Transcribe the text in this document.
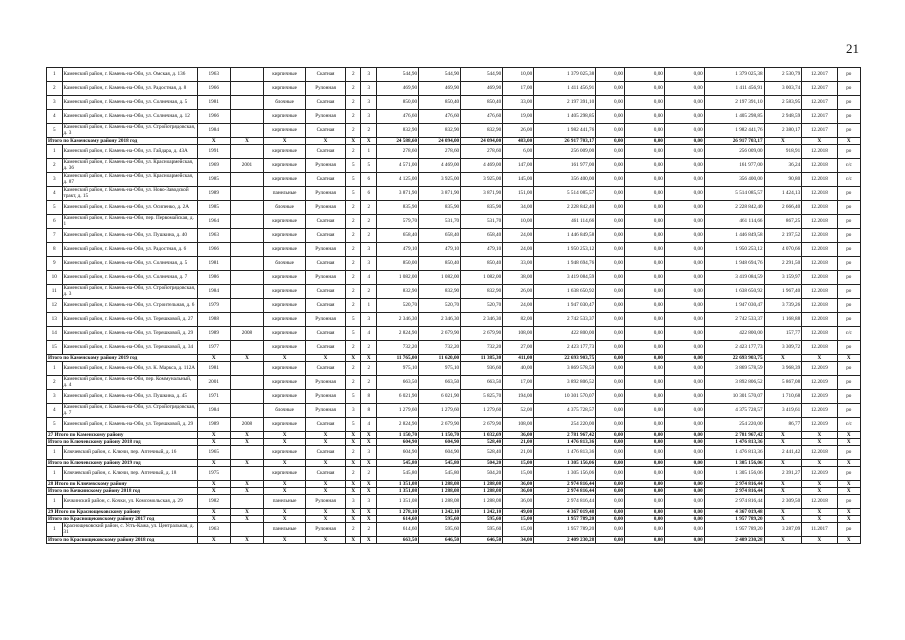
21
1	Каменский район, г. Камень-на-Оби, ул. Омская, д. 136	1963		кирпичные	Скатная	2	3	544,90	544,90	544,90	10,00	1 379 025,38	0,00	0,00	0,00	1 379 025,38	2 530,79	12.2017	ро
2	Каменский район, г. Камень-на-Оби, ул. Радостная, д. 8	1966		кирпичные	Рулонная	2	3	469,90	469,90	469,90	17,00	1 411 456,91	0,00	0,00	0,00	1 411 456,91	3 003,74	12.2017	ро
3	Каменский район, г. Камень-на-Оби, ул. Солнечная, д. 5	1981		блочные	Скатная	2	3	850,00	850,40	850,40	33,00	2 197 391,10	0,00	0,00	0,00	2 197 391,10	2 583,95	12.2017	ро
4	Каменский район, г. Камень-на-Оби, ул. Солнечная, д. 12	1966		кирпичные	Рулонная	2	3	476,60	476,60	476,60	19,00	1 405 298,85	0,00	0,00	0,00	1 405 298,85	2 948,59	12.2017	ро
5	Каменский район, г. Камень-на-Оби, ул. Стройотрядовская, д. 3	1984		кирпичные	Скатная	2	2	832,90	832,90	832,90	26,00	1 982 441,76	0,00	0,00	0,00	1 982 441,76	2 380,17	12.2017	ро
Итого по Каменскому району 2018 год		X	X	X	X	X	X	24 588,60	24 094,00	24 094,00	483,00	26 917 703,17	0,00	0,00	0,00	26 917 703,17	X	X	X
1	Каменский район, г. Камень-на-Оби, ул. Гайдара, д. 43А	1991		кирпичные	Скатная	2	1	278,60	278,60	278,60	6,00	256 009,00	0,00	0,00	0,00	256 009,00	918,91	12.2018	ро
2	Каменский район, г. Камень-на-Оби, ул. Красноармейская, д. 36	1969	2001	кирпичные	Рулонная	5	5	4 571,00	4 469,00	4 469,00	147,00	161 977,00	0,00	0,00	0,00	161 977,00	36,24	12.2018	с/с
3	Каменский район, г. Камень-на-Оби, ул. Красноармейская, д. 87	1985		кирпичные	Скатная	5	6	4 125,00	3 925,00	3 925,00	145,00	356 400,00	0,00	0,00	0,00	356 400,00	90,80	12.2018	с/с
4	Каменский район, г. Камень-на-Оби, ул. Ново-Заводской тракт, д. 15	1989		панельные	Рулонная	5	6	3 871,90	3 871,90	3 871,90	151,00	5 514 085,57	0,00	0,00	0,00	5 514 085,57	1 424,13	12.2018	ро
5	Каменский район, г. Камень-на-Оби, ул. Осипенко, д. 2А	1985		блочные	Рулонная	2	2	835,90	835,90	835,90	34,00	2 228 842,40	0,00	0,00	0,00	2 228 842,40	2 666,40	12.2018	ро
6	Каменский район, г. Камень-на-Оби, пер. Первомайская, д. 1	1964		кирпичные	Скатная	2	2	579,70	531,70	531,70	10,00	461 114,66	0,00	0,00	0,00	461 114,66	867,25	12.2018	ро
7	Каменский район, г. Камень-на-Оби, ул. Пушкина, д. 40	1963		кирпичные	Скатная	2	2	658,40	658,40	658,40	24,00	1 446 849,58	0,00	0,00	0,00	1 446 849,58	2 197,52	12.2018	ро
8	Каменский район, г. Камень-на-Оби, ул. Радостная, д. 6	1966		кирпичные	Рулонная	2	3	479,10	479,10	479,10	24,00	1 950 253,12	0,00	0,00	0,00	1 950 253,12	4 070,66	12.2018	ро
9	Каменский район, г. Камень-на-Оби, ул. Солнечная, д. 5	1981		блочные	Скатная	2	3	850,00	850,40	850,40	33,00	1 948 694,76	0,00	0,00	0,00	1 948 694,76	2 291,50	12.2018	ро
10	Каменский район, г. Камень-на-Оби, ул. Солнечная, д. 7	1986		кирпичные	Рулонная	2	4	1 082,00	1 082,00	1 082,00	38,00	3 419 084,59	0,00	0,00	0,00	3 419 084,59	3 159,97	12.2018	ро
11	Каменский район, г. Камень-на-Оби, ул. Стройотрядовская, д. 3	1984		кирпичные	Скатная	2	2	832,90	832,90	832,90	26,00	1 638 650,92	0,00	0,00	0,00	1 638 650,92	1 967,40	12.2018	ро
12	Каменский район, г. Камень-на-Оби, ул. Строительная, д. 6	1979		кирпичные	Скатная	2	1	520,70	520,70	520,70	24,00	1 947 030,47	0,00	0,00	0,00	1 947 030,47	3 739,26	12.2018	ро
13	Каменский район, г. Камень-на-Оби, ул. Терешковой, д. 27	1988		кирпичные	Рулонная	5	3	2 346,30	2 346,30	2 346,30	82,00	2 742 533,37	0,00	0,00	0,00	2 742 533,37	1 168,88	12.2018	ро
14	Каменский район, г. Камень-на-Оби, ул. Терешковой, д. 29	1989	2008	кирпичные	Скатная	5	4	2 824,90	2 679,90	2 679,90	108,00	422 800,00	0,00	0,00	0,00	422 800,00	157,77	12.2018	с/с
15	Каменский район, г. Камень-на-Оби, ул. Терешковой, д. 34	1977		кирпичные	Скатная	2	2	732,20	732,20	732,20	27,00	2 423 177,73	0,00	0,00	0,00	2 423 177,73	3 309,72	12.2018	ро
Итого по Каменскому району 2019 год		X	X	X	X	X	X	11 765,00	11 620,00	11 385,30	411,00	22 693 903,75	0,00	0,00	0,00	22 693 903,75	X	X	X
1	Каменский район, г. Камень-на-Оби, ул. К. Маркса, д. 112А	1981		кирпичные	Скатная	2	2	975,10	975,10	936,60	40,00	3 869 578,59	0,00	0,00	0,00	3 869 578,59	3 968,39	12.2019	ро
2	Каменский район, г. Камень-на-Оби, пер. Коммунальный, д. 4	2001		кирпичные	Рулонная	2	2	663,50	663,50	663,50	17,00	3 892 806,52	0,00	0,00	0,00	3 892 806,52	5 867,08	12.2019	ро
3	Каменский район, г. Камень-на-Оби, ул. Пушкина, д. 45	1971		кирпичные	Рулонная	5	8	6 021,90	6 021,90	5 825,70	194,00	10 301 570,07	0,00	0,00	0,00	10 301 570,07	1 710,68	12.2019	ро
4	Каменский район, г. Камень-на-Оби, ул. Стройотрядовская, д. 7	1984		блочные	Рулонная	3	8	1 279,60	1 279,60	1 279,60	52,00	4 375 728,57	0,00	0,00	0,00	4 375 728,57	3 419,61	12.2019	ро
5	Каменский район, г. Камень-на-Оби, ул. Терешковой, д. 29	1989	2008	кирпичные	Скатная	5	4	2 824,90	2 679,90	2 679,90	108,00	254 220,00	0,00	0,00	0,00	254 220,00	86,77	12.2019	с/с
27 Итого по Каменскому району		X	X	X	X	X	X	1 150,70	1 150,70	1 032,69	36,00	2 781 967,42	0,00	0,00	0,00	2 781 967,42	X	X	X
Итого по Ключевскому району 2018 год		X	X	X	X	X	X	604,90	604,90	528,40	21,00	1 476 813,36	0,00	0,00	0,00	1 476 813,36	X	X	X
1	Ключевский район, с. Ключи, пер. Аптечный, д. 16	1965		кирпичные	Скатная	2	3	604,90	604,90	528,40	21,00	1 476 813,36	0,00	0,00	0,00	1 476 813,36	2 441,42	12.2018	ро
Итого по Ключевскому району 2019 год		X	X	X	X	X	X	545,80	545,80	504,20	15,00	1 305 156,06	0,00	0,00	0,00	1 305 156,06	X	X	X
1	Ключевский район, с. Ключи, пер. Аптечный, д. 18	1975		кирпичные	Скатная	2	2	545,80	545,80	504,20	15,00	1 305 156,06	0,00	0,00	0,00	1 305 156,06	2 391,27	12.2019	ро
28 Итого по Ключевскому району		X	X	X	X	X	X	1 351,08	1 288,08	1 288,08	36,00	2 974 816,44	0,00	0,00	0,00	2 974 816,44	X	X	X
Итого по Кочкинскому району 2018 год		X	X	X	X	X	X	1 351,08	1 288,08	1 288,08	36,00	2 974 816,44	0,00	0,00	0,00	2 974 816,44	X	X	X
1	Кочкинский район, с. Кочки, ул. Комсомольская, д. 29	1982		панельные	Рулонная	3	3	1 351,08	1 288,08	1 288,08	36,00	2 974 816,44	0,00	0,00	0,00	2 974 816,44	2 309,50	12.2018	ро
29 Итого по Краснощековскому району		X	X	X	X	X	X	1 278,10	1 242,10	1 242,10	49,00	4 367 019,48	0,00	0,00	0,00	4 367 019,48	X	X	X
Итого по Краснощековскому району 2017 год		X	X	X	X	X	X	614,60	595,60	595,60	15,00	1 957 789,20	0,00	0,00	0,00	1 957 789,20	X	X	X
1	Краснощековский район, с. Усть-Кажа, ул. Центральная, д. 31	1963		панельные	Рулонная	2	2	614,60	595,60	595,60	15,00	1 957 789,20	0,00	0,00	0,00	1 957 789,20	3 287,09	11.2017	ро
Итого по Краснощековскому району 2018 год		X	X	X	X	X	X	663,50	646,50	646,50	34,00	2 409 230,28	0,00	0,00	0,00	2 409 230,28	X	X	X
